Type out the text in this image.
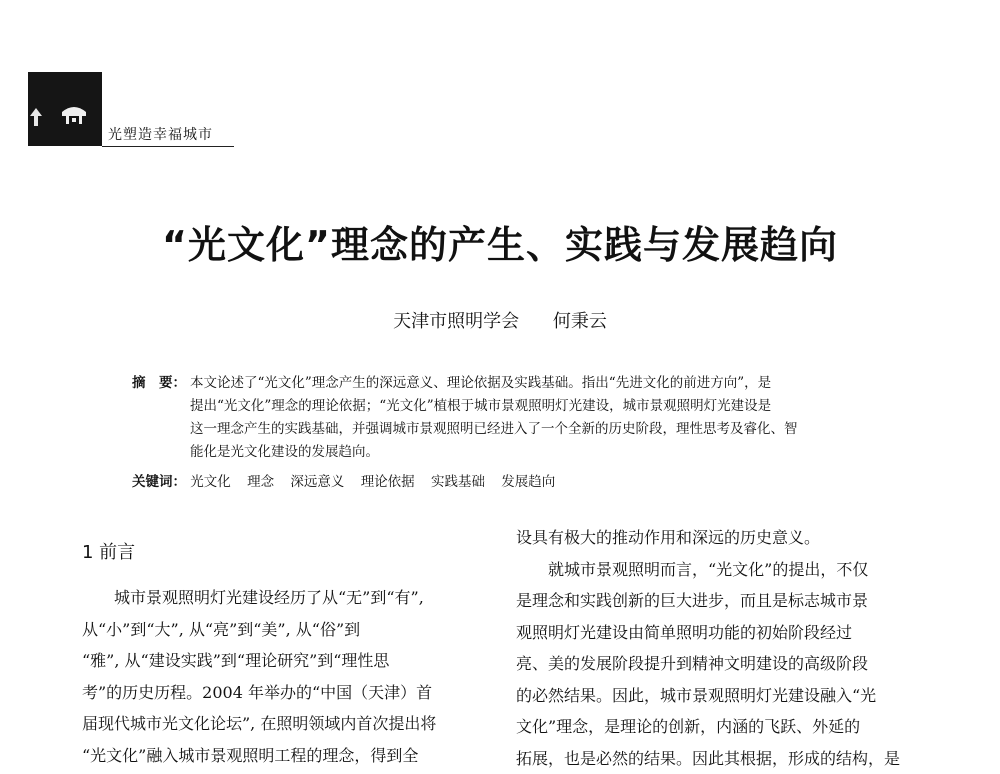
光塑造幸福城市
“光文化”理念的产生、实践与发展趋向
天津市照明学会 何秉云
摘　要： 本文论述了“光文化”理念产生的深远意义、理论依据及实践基础。指出“先进文化的前进方向”，是
提出“光文化”理念的理论依据；“光文化”植根于城市景观照明灯光建设，城市景观照明灯光建设是
这一理念产生的实践基础，并强调城市景观照明已经进入了一个全新的历史阶段，理性思考及睿化、智
能化是光文化建设的发展趋向。
关键词： 光文化 理念 深远意义 理论依据 实践基础 发展趋向
1 前言
城市景观照明灯光建设经历了从“无”到“有”,
从“小”到“大”, 从“亮”到“美”, 从“俗”到
“雅”, 从“建设实践”到“理论研究”到“理性思
考”的历史历程。2004 年举办的“中国（天津）首
届现代城市光文化论坛”, 在照明领域内首次提出将
“光文化”融入城市景观照明工程的理念，得到全
设具有极大的推动作用和深远的历史意义。
就城市景观照明而言，“光文化”的提出，不仅
是理念和实践创新的巨大进步，而且是标志城市景
观照明灯光建设由简单照明功能的初始阶段经过
亮、美的发展阶段提升到精神文明建设的高级阶段
的必然结果。因此，城市景观照明灯光建设融入“光
文化”理念，是理论的创新，内涵的飞跃、外延的
拓展，也是必然的结果。因此其根据，形成的结构，是
